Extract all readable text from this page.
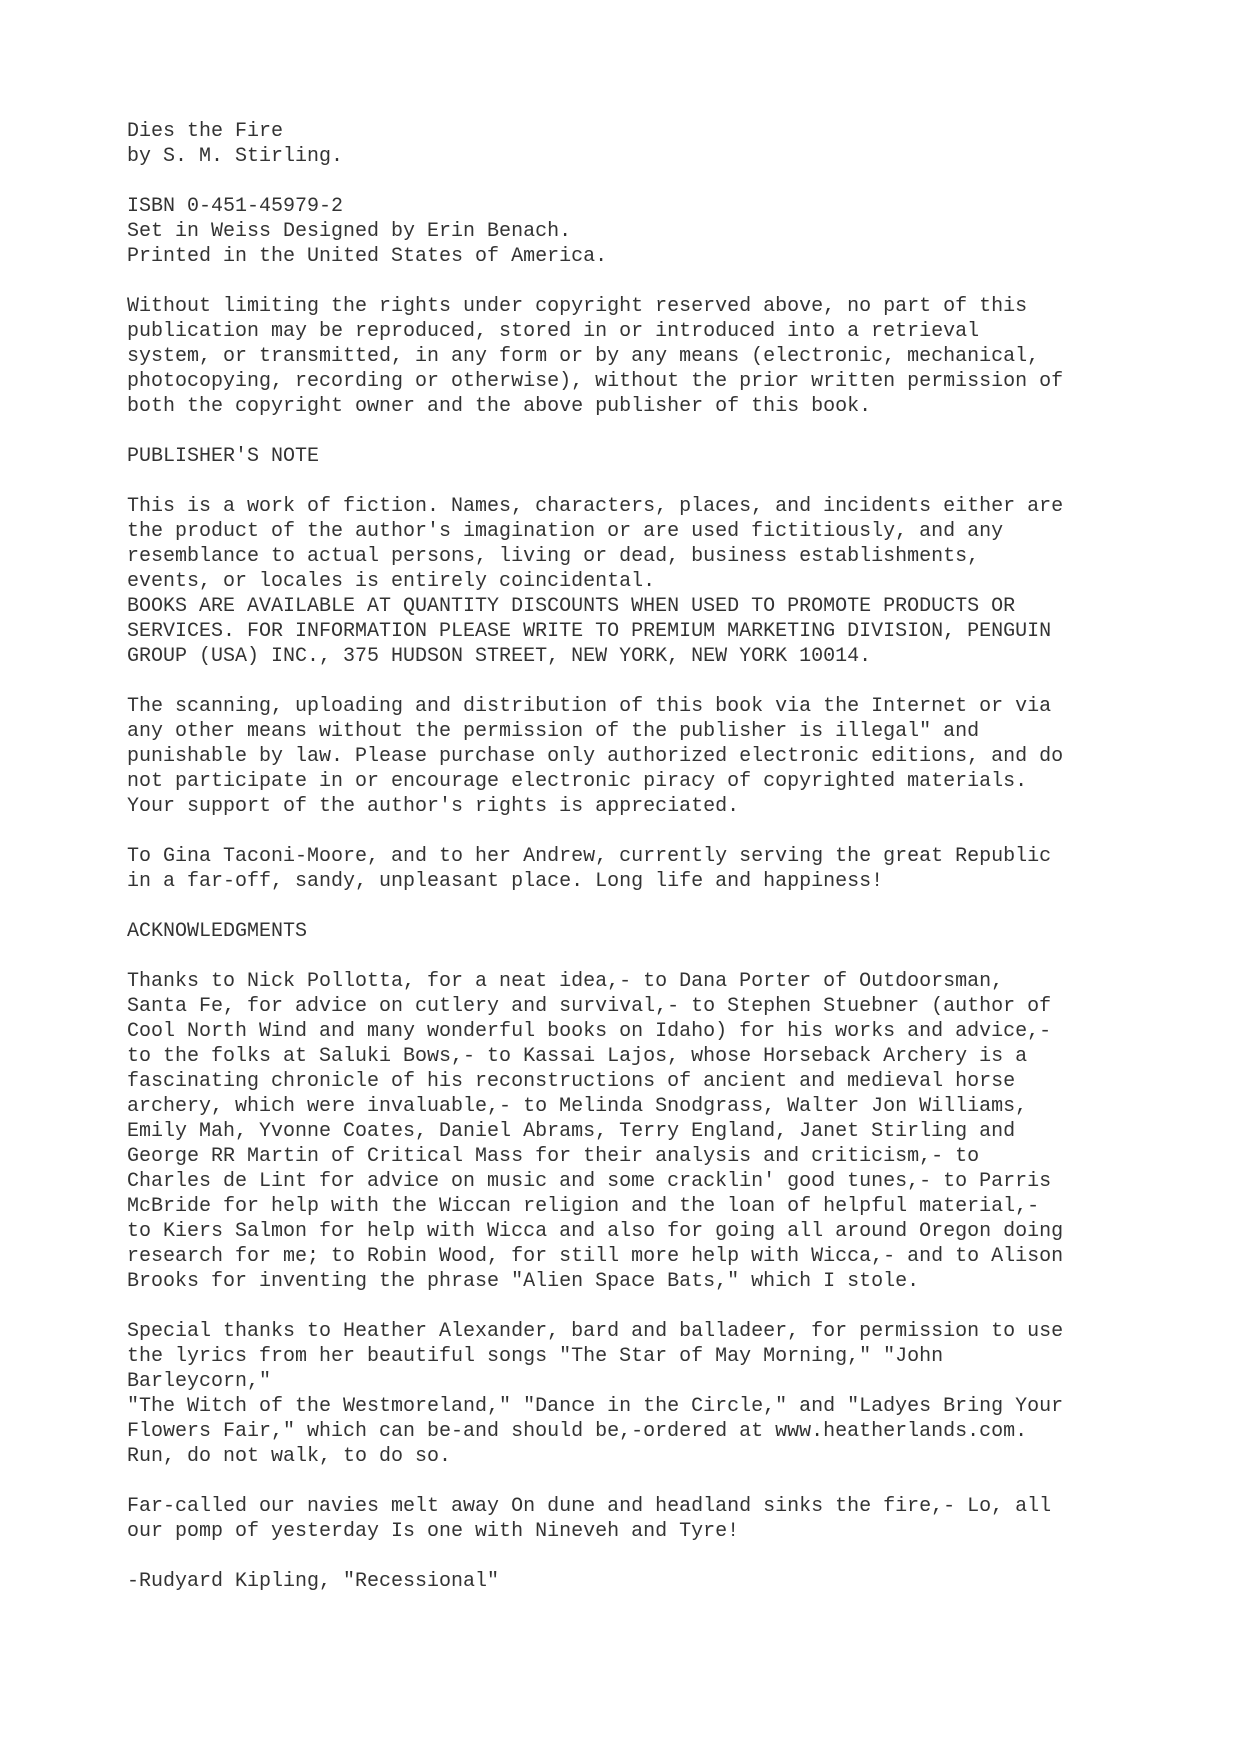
Dies the Fire
by S. M. Stirling.
ISBN 0-451-45979-2
Set in Weiss Designed by Erin Benach.
Printed in the United States of America.
Without limiting the rights under copyright reserved above, no part of this
publication may be reproduced, stored in or introduced into a retrieval
system, or transmitted, in any form or by any means (electronic, mechanical,
photocopying, recording or otherwise), without the prior written permission of
both the copyright owner and the above publisher of this book.
PUBLISHER'S NOTE
This is a work of fiction. Names, characters, places, and incidents either are
the product of the author's imagination or are used fictitiously, and any
resemblance to actual persons, living or dead, business establishments,
events, or locales is entirely coincidental.
BOOKS ARE AVAILABLE AT QUANTITY DISCOUNTS WHEN USED TO PROMOTE PRODUCTS OR
SERVICES. FOR INFORMATION PLEASE WRITE TO PREMIUM MARKETING DIVISION, PENGUIN
GROUP (USA) INC., 375 HUDSON STREET, NEW YORK, NEW YORK 10014.
The scanning, uploading and distribution of this book via the Internet or via
any other means without the permission of the publisher is illegal" and
punishable by law. Please purchase only authorized electronic editions, and do
not participate in or encourage electronic piracy of copyrighted materials.
Your support of the author's rights is appreciated.
To Gina Taconi-Moore, and to her Andrew, currently serving the great Republic
in a far-off, sandy, unpleasant place. Long life and happiness!
ACKNOWLEDGMENTS
Thanks to Nick Pollotta, for a neat idea,- to Dana Porter of Outdoorsman,
Santa Fe, for advice on cutlery and survival,- to Stephen Stuebner (author of
Cool North Wind and many wonderful books on Idaho) for his works and advice,-
to the folks at Saluki Bows,- to Kassai Lajos, whose Horseback Archery is a
fascinating chronicle of his reconstructions of ancient and medieval horse
archery, which were invaluable,- to Melinda Snodgrass, Walter Jon Williams,
Emily Mah, Yvonne Coates, Daniel Abrams, Terry England, Janet Stirling and
George RR Martin of Critical Mass for their analysis and criticism,- to
Charles de Lint for advice on music and some cracklin' good tunes,- to Parris
McBride for help with the Wiccan religion and the loan of helpful material,-
to Kiers Salmon for help with Wicca and also for going all around Oregon doing
research for me; to Robin Wood, for still more help with Wicca,- and to Alison
Brooks for inventing the phrase "Alien Space Bats," which I stole.
Special thanks to Heather Alexander, bard and balladeer, for permission to use
the lyrics from her beautiful songs "The Star of May Morning," "John
Barleycorn,"
"The Witch of the Westmoreland," "Dance in the Circle," and "Ladyes Bring Your
Flowers Fair," which can be-and should be,-ordered at www.heatherlands.com.
Run, do not walk, to do so.
Far-called our navies melt away On dune and headland sinks the fire,- Lo, all
our pomp of yesterday Is one with Nineveh and Tyre!
-Rudyard Kipling, "Recessional"
